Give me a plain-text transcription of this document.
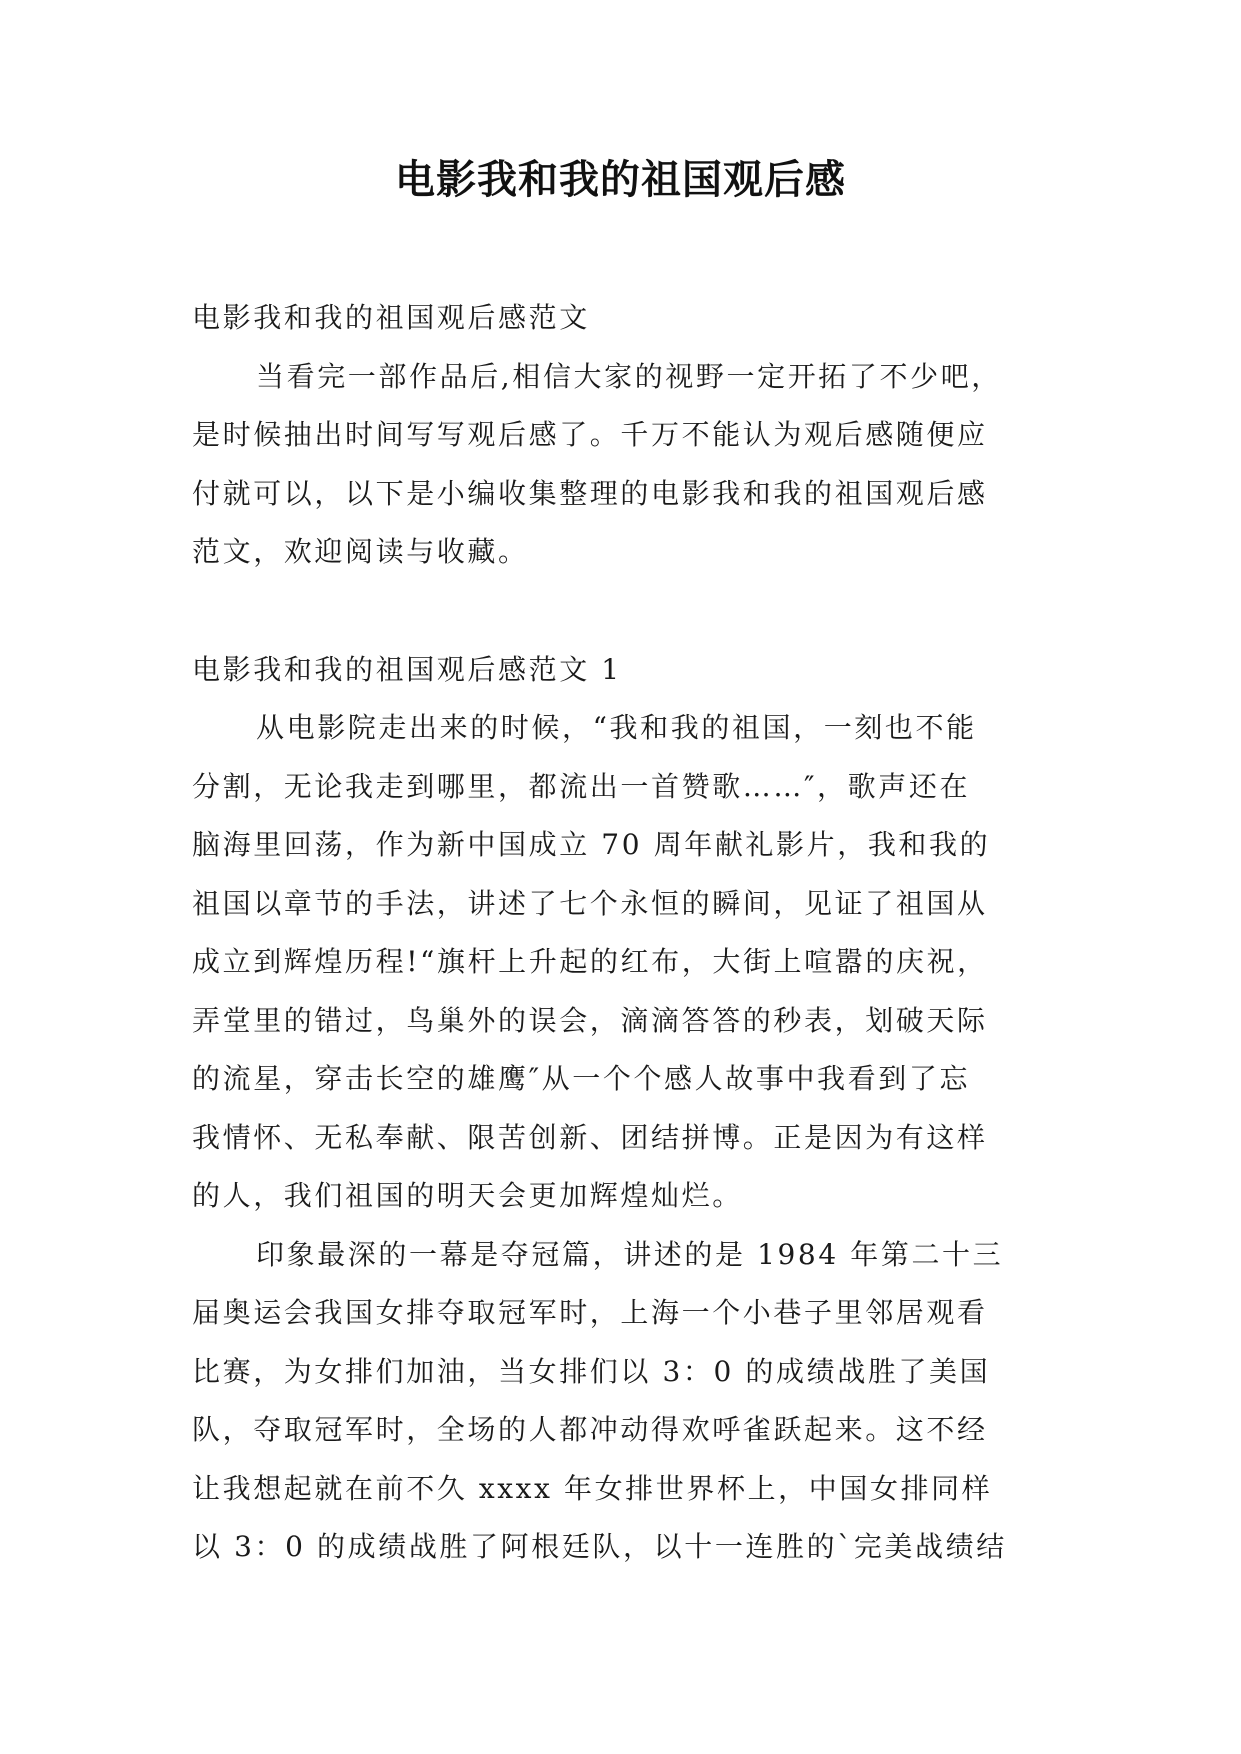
电影我和我的祖国观后感
电影我和我的祖国观后感范文
当看完一部作品后,相信大家的视野一定开拓了不少吧，
是时候抽出时间写写观后感了。千万不能认为观后感随便应
付就可以，以下是小编收集整理的电影我和我的祖国观后感
范文，欢迎阅读与收藏。
电影我和我的祖国观后感范文 1
从电影院走出来的时候，“我和我的祖国，一刻也不能
分割，无论我走到哪里，都流出一首赞歌……″，歌声还在
脑海里回荡，作为新中国成立 70 周年献礼影片，我和我的
祖国以章节的手法，讲述了七个永恒的瞬间，见证了祖国从
成立到辉煌历程!“旗杆上升起的红布，大街上喧嚣的庆祝，
弄堂里的错过，鸟巢外的误会，滴滴答答的秒表，划破天际
的流星，穿击长空的雄鹰″从一个个感人故事中我看到了忘
我情怀、无私奉献、限苦创新、团结拼博。正是因为有这样
的人，我们祖国的明天会更加辉煌灿烂。
印象最深的一幕是夺冠篇，讲述的是 1984 年第二十三
届奥运会我国女排夺取冠军时，上海一个小巷子里邻居观看
比赛，为女排们加油，当女排们以 3：0 的成绩战胜了美国
队，夺取冠军时，全场的人都冲动得欢呼雀跃起来。这不经
让我想起就在前不久 xxxx 年女排世界杯上，中国女排同样
以 3：0 的成绩战胜了阿根廷队，以十一连胜的`完美战绩结
